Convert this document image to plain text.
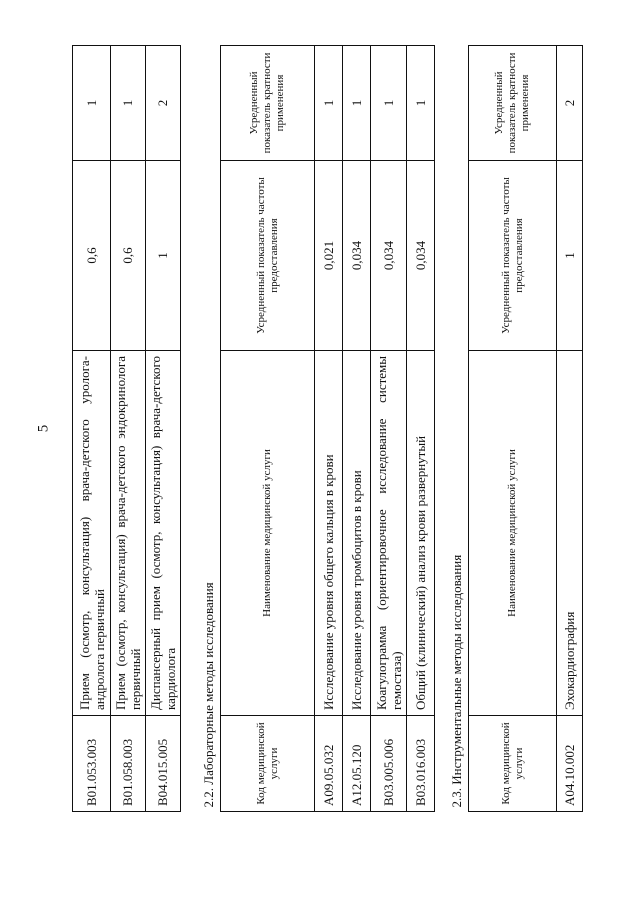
5
B01.053.003	Прием (осмотр, консультация) врача-детского уролога-андролога первичный	0,6	1
B01.058.003	Прием (осмотр, консультация) врача-детского эндокринолога первичный	0,6	1
B04.015.005	Диспансерный прием (осмотр, консультация) врача-детского кардиолога	1	2
2.2. Лабораторные методы исследования			
Код медицинской услуги	Наименование медицинской услуги	Усредненный показатель частоты предоставления	Усредненный показатель кратности применения
A09.05.032	Исследование уровня общего кальция в крови	0,021	1
A12.05.120	Исследование уровня тромбоцитов в крови	0,034	1
B03.005.006	Коагулограмма (ориентировочное исследование системы гемостаза)	0,034	1
B03.016.003	Общий (клинический) анализ крови развернутый	0,034	1
2.3. Инструментальные методы исследования			
Код медицинской услуги	Наименование медицинской услуги	Усредненный показатель частоты предоставления	Усредненный показатель кратности применения
A04.10.002	Эхокардиография	1	2
